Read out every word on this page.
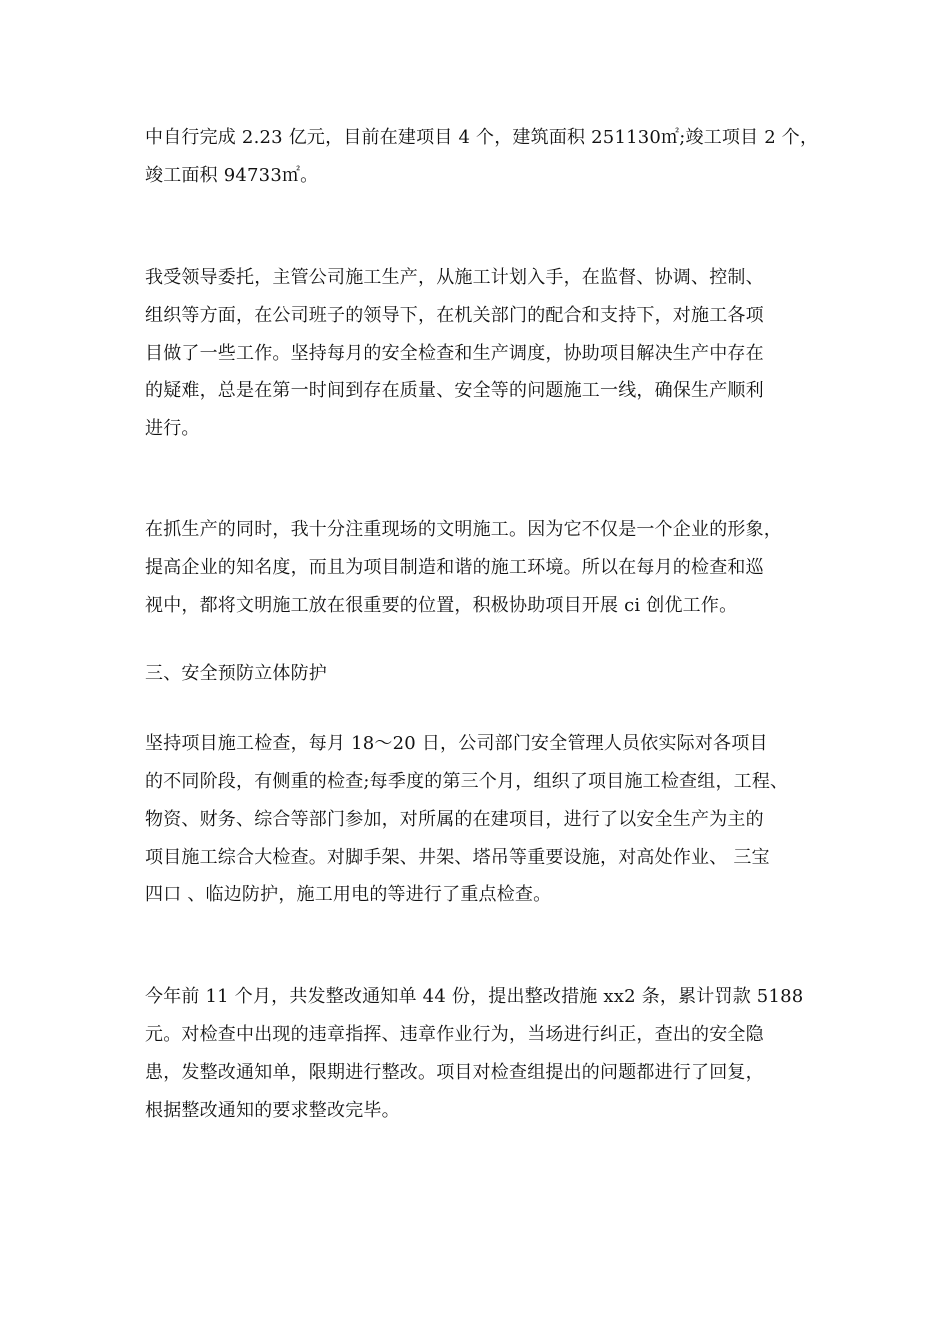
中自行完成 2.23 亿元，目前在建项目 4 个，建筑面积 251130㎡;竣工项目 2 个，
竣工面积 94733㎡。
我受领导委托，主管公司施工生产，从施工计划入手，在监督、协调、控制、
组织等方面，在公司班子的领导下，在机关部门的配合和支持下，对施工各项
目做了一些工作。坚持每月的安全检查和生产调度，协助项目解决生产中存在
的疑难，总是在第一时间到存在质量、安全等的问题施工一线，确保生产顺利
进行。
在抓生产的同时，我十分注重现场的文明施工。因为它不仅是一个企业的形象，
提高企业的知名度，而且为项目制造和谐的施工环境。所以在每月的检查和巡
视中，都将文明施工放在很重要的位置，积极协助项目开展 ci 创优工作。
三、安全预防立体防护
坚持项目施工检查，每月 18～20 日，公司部门安全管理人员依实际对各项目
的不同阶段，有侧重的检查;每季度的第三个月，组织了项目施工检查组，工程、
物资、财务、综合等部门参加，对所属的在建项目，进行了以安全生产为主的
项目施工综合大检查。对脚手架、井架、塔吊等重要设施，对高处作业、 三宝
四口 、临边防护，施工用电的等进行了重点检查。
今年前 11 个月，共发整改通知单 44 份，提出整改措施 xx2 条，累计罚款 5188
元。对检查中出现的违章指挥、违章作业行为，当场进行纠正，查出的安全隐
患，发整改通知单，限期进行整改。项目对检查组提出的问题都进行了回复，
根据整改通知的要求整改完毕。
